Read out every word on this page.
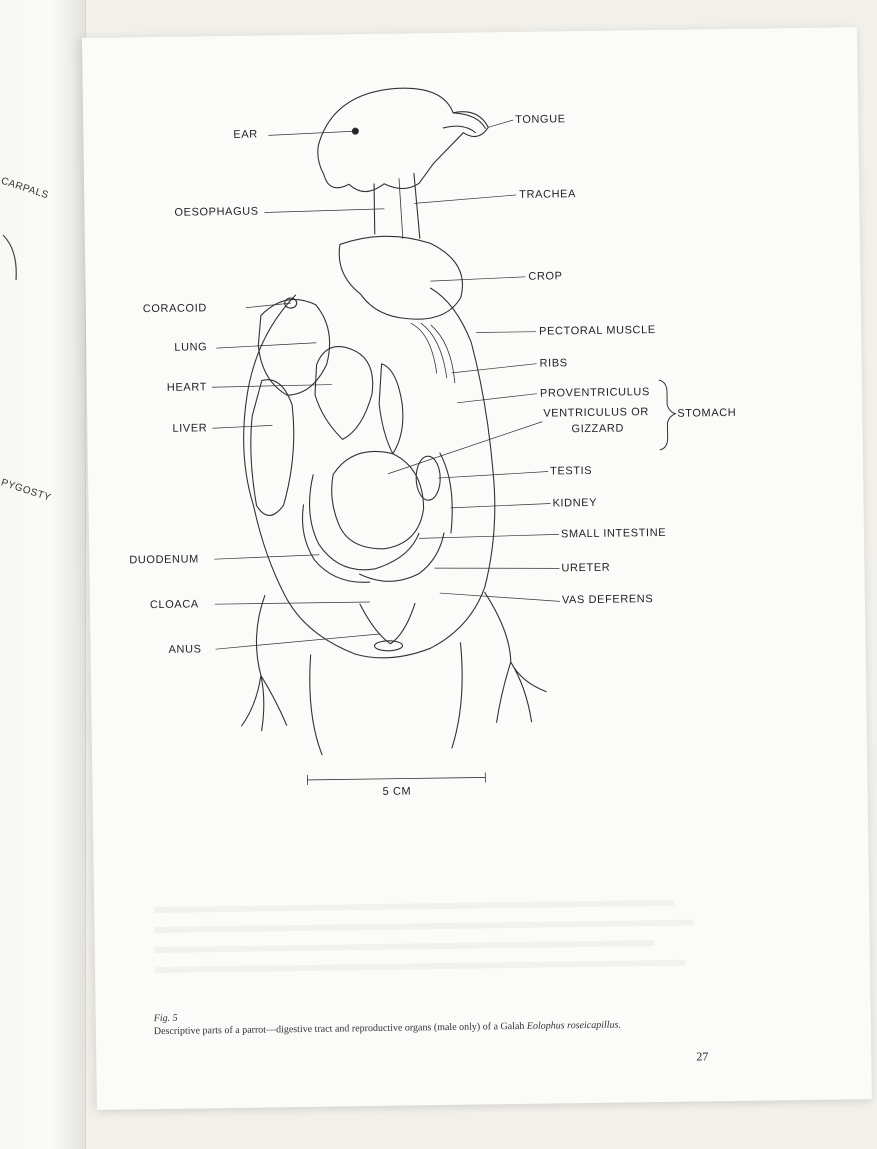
CARPALS
PYGOSTY
EAR
OESOPHAGUS
CORACOID
LUNG
HEART
LIVER
DUODENUM
CLOACA
ANUS
TONGUE
TRACHEA
CROP
PECTORAL MUSCLE
RIBS
PROVENTRICULUS
VENTRICULUS OR
GIZZARD
STOMACH
TESTIS
KIDNEY
SMALL INTESTINE
URETER
VAS DEFERENS
5 CM
Fig. 5
Descriptive parts of a parrot—digestive tract and reproductive organs (male only) of a Galah Eolophus roseicapillus.
27
